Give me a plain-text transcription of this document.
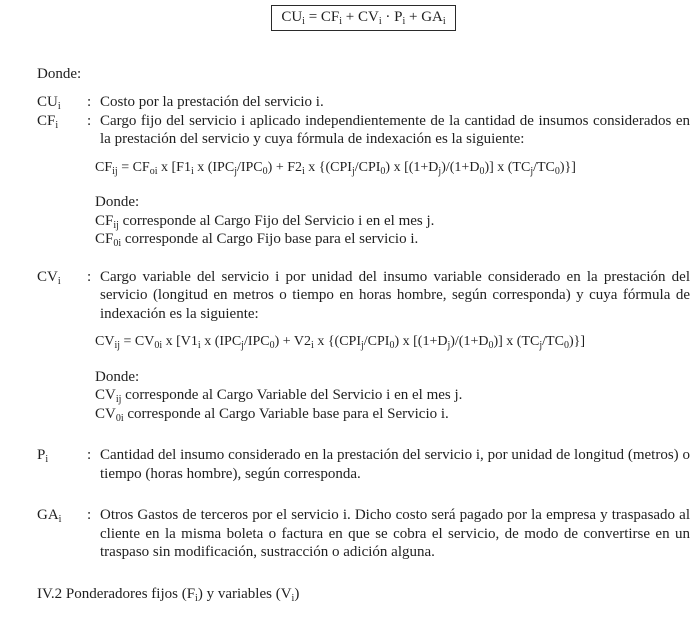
$CU_i = CF_i + CV_i \cdot P_i + GA_i$

Donde:

$CU_i$	: Costo por la prestación del servicio i.
$CF_i$	: Cargo fijo del servicio i aplicado independientemente de la cantidad de insumos considerados en la prestación del servicio y cuya fórmula de indexación es la siguiente:
$CF_{ij} = CF_{oi}$ x [$F1_i$ x $(IPC_j/IPC_0) + F2_i$ x {$(CPI_j/CPI_0)$ x $[(1+D_j)/(1+D_0)]$ x $(TC_j/TC_0)$}]
Donde:
$CF_{ij}$ corresponde al Cargo Fijo del Servicio i en el mes j.
$CF_{0i}$ corresponde al Cargo Fijo base para el servicio i.
$CV_i$	: Cargo variable del servicio i por unidad del insumo variable considerado en la prestación del servicio (longitud en metros o tiempo en horas hombre, según corresponda) y cuya fórmula de indexación es la siguiente:
$CV_{ij} = CV_{0i}$ x [$V1_i$ x $(IPC_j/IPC_0) + V2_i$ x {$(CPI_j/CPI_0)$ x $[(1+D_j)/(1+D_0)]$ x $(TC_j/TC_0)$}]
Donde:
$CV_{ij}$ corresponde al Cargo Variable del Servicio i en el mes j.
$CV_{0i}$ corresponde al Cargo Variable base para el Servicio i.
$P_i$	: Cantidad del insumo considerado en la prestación del servicio i, por unidad de longitud (metros) o tiempo (horas hombre), según corresponda.
$GA_i$	: Otros Gastos de terceros por el servicio i. Dicho costo será pagado por la empresa y traspasado al cliente en la misma boleta o factura en que se cobra el servicio, de modo de convertirse en un traspaso sin modificación, sustracción o adición alguna.

IV.2 Ponderadores fijos $(F_i)$ y variables $(V_i)$
